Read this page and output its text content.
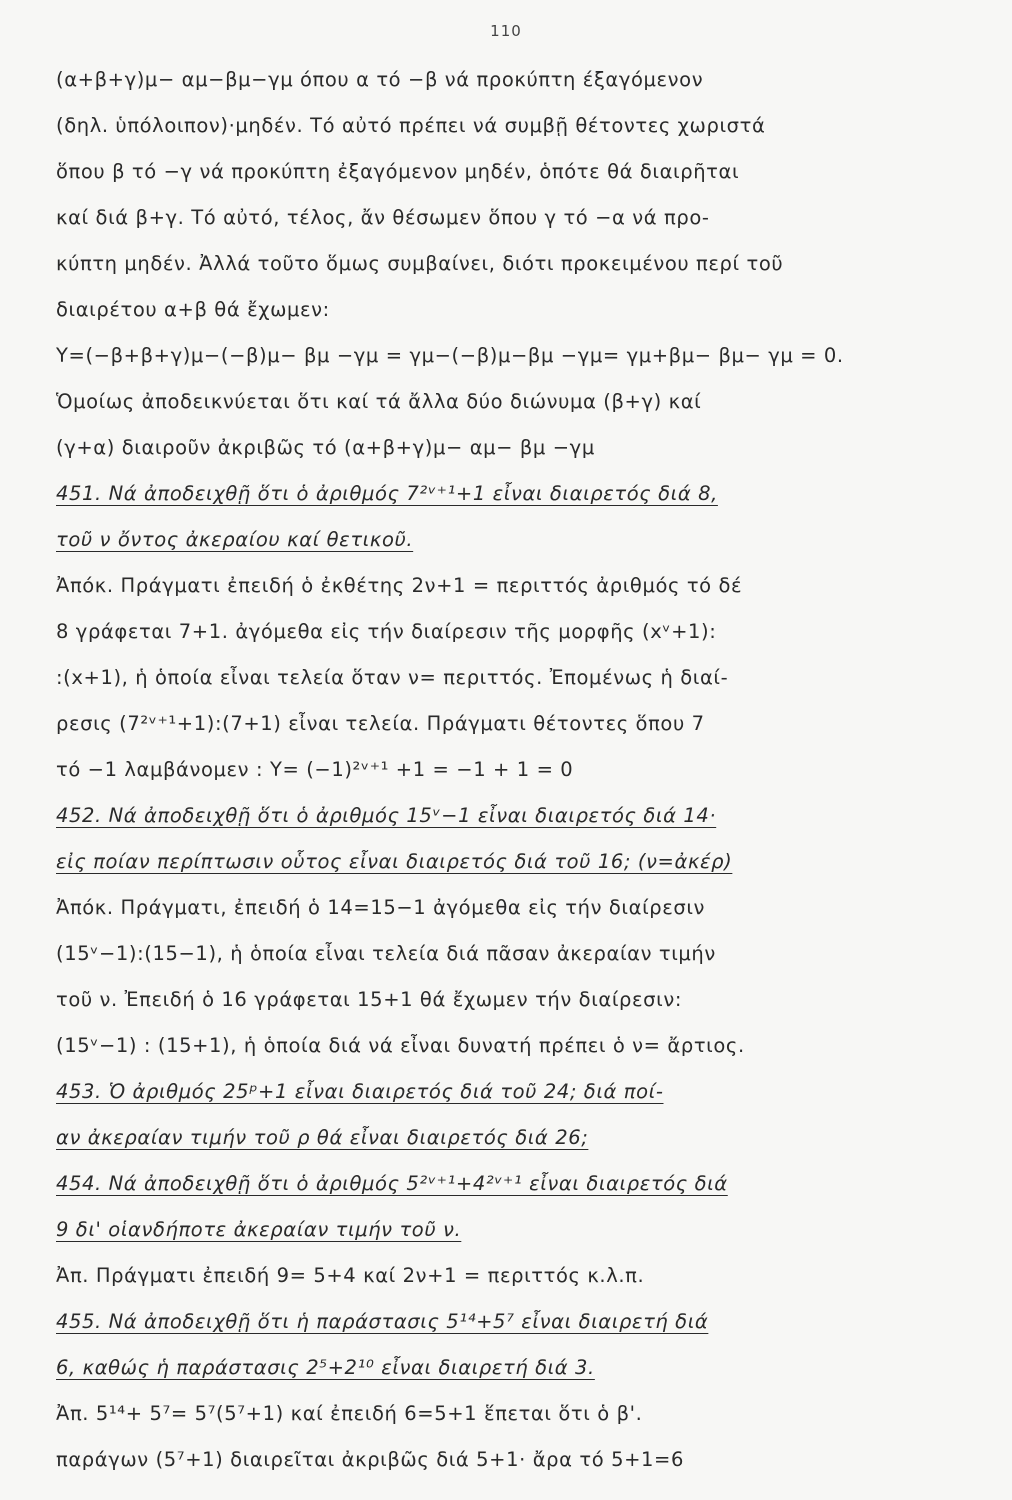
110
(α+β+γ)μ− αμ−βμ−γμ όπου α τό −β νά προκύπτη έξαγόμενον
(δηλ. ὑπόλοιπον)·μηδέν. Τό αὐτό πρέπει νά συμβῇ θέτοντες χωριστά
ὅπου β τό −γ νά προκύπτη ἐξαγόμενον μηδέν, ὁπότε θά διαιρῆται
καί διά β+γ. Τό αὐτό, τέλος, ἄν θέσωμεν ὅπου γ τό −α νά προ-
κύπτη μηδέν. Ἀλλά τοῦτο ὅμως συμβαίνει, διότι προκειμένου περί τοῦ
διαιρέτου α+β θά ἔχωμεν:
Υ=(−β+β+γ)μ−(−β)μ− βμ −γμ = γμ−(−β)μ−βμ −γμ= γμ+βμ− βμ− γμ = 0.
Ὁμοίως ἀποδεικνύεται ὅτι καί τά ἄλλα δύο διώνυμα (β+γ) καί
(γ+α) διαιροῦν ἀκριβῶς τό (α+β+γ)μ− αμ− βμ −γμ
451. Νά ἀποδειχθῇ ὅτι ὁ ἀριθμός 7²ᵛ⁺¹+1 εἶναι διαιρετός διά 8,
τοῦ ν ὄντος ἀκεραίου καί θετικοῦ.
Ἀπόκ. Πράγματι ἐπειδή ὁ ἐκθέτης 2ν+1 = περιττός ἀριθμός τό δέ
8 γράφεται 7+1. ἀγόμεθα εἰς τήν διαίρεσιν τῆς μορφῆς (xᵛ+1):
:(x+1), ἡ ὁποία εἶναι τελεία ὅταν ν= περιττός. Ἐπομένως ἡ διαί-
ρεσις (7²ᵛ⁺¹+1):(7+1) εἶναι τελεία. Πράγματι θέτοντες ὅπου 7
τό −1 λαμβάνομεν : Υ= (−1)²ᵛ⁺¹ +1 = −1 + 1 = 0
452. Νά ἀποδειχθῇ ὅτι ὁ ἀριθμός 15ᵛ−1 εἶναι διαιρετός διά 14·
εἰς ποίαν περίπτωσιν οὗτος εἶναι διαιρετός διά τοῦ 16; (ν=ἀκέρ)
Ἀπόκ. Πράγματι, ἐπειδή ὁ 14=15−1 ἀγόμεθα εἰς τήν διαίρεσιν
(15ᵛ−1):(15−1), ἡ ὁποία εἶναι τελεία διά πᾶσαν ἀκεραίαν τιμήν
τοῦ ν. Ἐπειδή ὁ 16 γράφεται 15+1 θά ἔχωμεν τήν διαίρεσιν:
(15ᵛ−1) : (15+1), ἡ ὁποία διά νά εἶναι δυνατή πρέπει ὁ ν= ἄρτιος.
453. Ὁ ἀριθμός 25ᵖ+1 εἶναι διαιρετός διά τοῦ 24; διά ποί-
αν ἀκεραίαν τιμήν τοῦ ρ θά εἶναι διαιρετός διά 26;
454. Νά ἀποδειχθῇ ὅτι ὁ ἀριθμός 5²ᵛ⁺¹+4²ᵛ⁺¹ εἶναι διαιρετός διά
9 δι' οἱανδήποτε ἀκεραίαν τιμήν τοῦ ν.
Ἀπ. Πράγματι ἐπειδή 9= 5+4 καί 2ν+1 = περιττός κ.λ.π.
455. Νά ἀποδειχθῇ ὅτι ἡ παράστασις 5¹⁴+5⁷ εἶναι διαιρετή διά
6, καθώς ἡ παράστασις 2⁵+2¹⁰ εἶναι διαιρετή διά 3.
Ἀπ. 5¹⁴+ 5⁷= 5⁷(5⁷+1) καί ἐπειδή 6=5+1 ἕπεται ὅτι ὁ β'.
παράγων (5⁷+1) διαιρεῖται ἀκριβῶς διά 5+1· ἄρα τό 5+1=6
